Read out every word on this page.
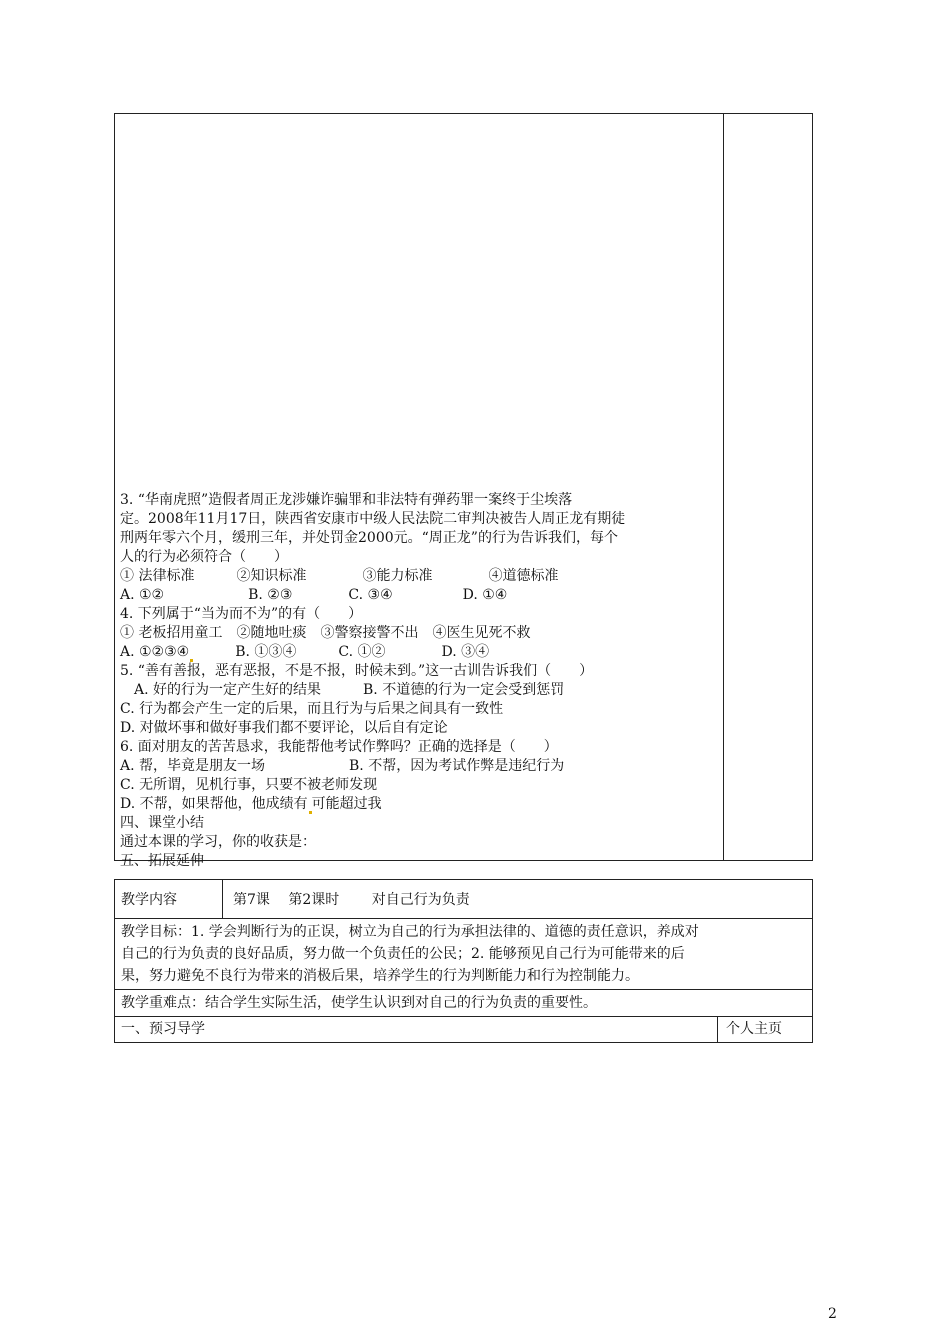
3. “华南虎照”造假者周正龙涉嫌诈骗罪和非法特有弹药罪一案终于尘埃落
定。2008年11月17日，陕西省安康市中级人民法院二审判决被告人周正龙有期徒
刑两年零六个月，缓刑三年，并处罚金2000元。“周正龙”的行为告诉我们，每个
人的行为必须符合（　　）
① 法律标准　　　②知识标准　　　　③能力标准　　　　④道德标准
A. ①②　　　　　　B. ②③　　　　C. ③④　　　　　D. ①④
4. 下列属于“当为而不为”的有（　　）
① 老板招用童工　②随地吐痰　③警察接警不出　④医生见死不救
A. ①②③④　　　B. ①③④　　　C. ①②　　　　D. ③④
5. “善有善报，恶有恶报，不是不报，时候未到。”这一古训告诉我们（　　）
　A. 好的行为一定产生好的结果　　　B. 不道德的行为一定会受到惩罚
C. 行为都会产生一定的后果，而且行为与后果之间具有一致性
D. 对做坏事和做好事我们都不要评论，以后自有定论
6. 面对朋友的苦苦恳求，我能帮他考试作弊吗？正确的选择是（　　）
A. 帮，毕竟是朋友一场　　　　　　B. 不帮，因为考试作弊是违纪行为
C. 无所谓，见机行事，只要不被老师发现
D. 不帮，如果帮他，他成绩有 可能超过我
四、课堂小结
通过本课的学习，你的收获是：
五、拓展延伸
教学内容	第7课　 第2课时　　 对自己行为负责
教学目标：1. 学会判断行为的正误，树立为自己的行为承担法律的、道德的责任意识，养成对
自己的行为负责的良好品质，努力做一个负责任的公民；2. 能够预见自己行为可能带来的后
果，努力避免不良行为带来的消极后果，培养学生的行为判断能力和行为控制能力。
教学重难点：结合学生实际生活，使学生认识到对自己的行为负责的重要性。
一、预习导学	个人主页
2
